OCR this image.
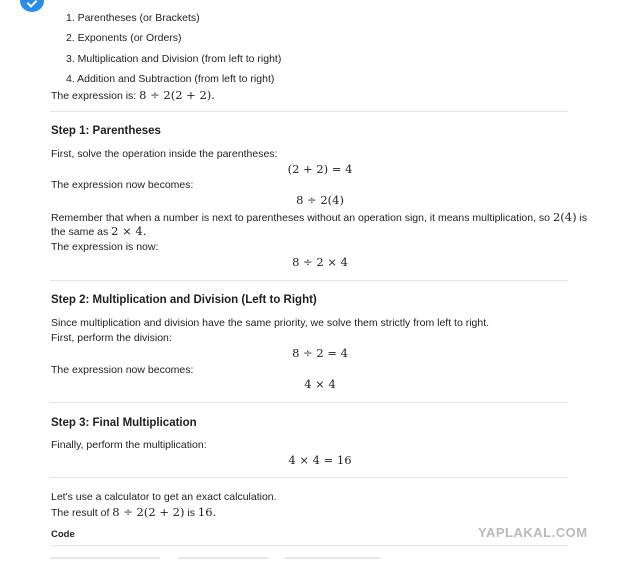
1. Parentheses (or Brackets)
2. Exponents (or Orders)
3. Multiplication and Division (from left to right)
4. Addition and Subtraction (from left to right)
The expression is: 8 ÷ 2(2 + 2).
Step 1: Parentheses
First, solve the operation inside the parentheses:
(2 + 2) = 4
The expression now becomes:
8 ÷ 2(4)
Remember that when a number is next to parentheses without an operation sign, it means multiplication, so 2(4) is
the same as 2 × 4.
The expression is now:
8 ÷ 2 × 4
Step 2: Multiplication and Division (Left to Right)
Since multiplication and division have the same priority, we solve them strictly from left to right.
First, perform the division:
8 ÷ 2 = 4
The expression now becomes:
4 × 4
Step 3: Final Multiplication
Finally, perform the multiplication:
4 × 4 = 16
Let's use a calculator to get an exact calculation.
The result of 8 ÷ 2(2 + 2) is 16.
Code	YAPLAKAL.COM
